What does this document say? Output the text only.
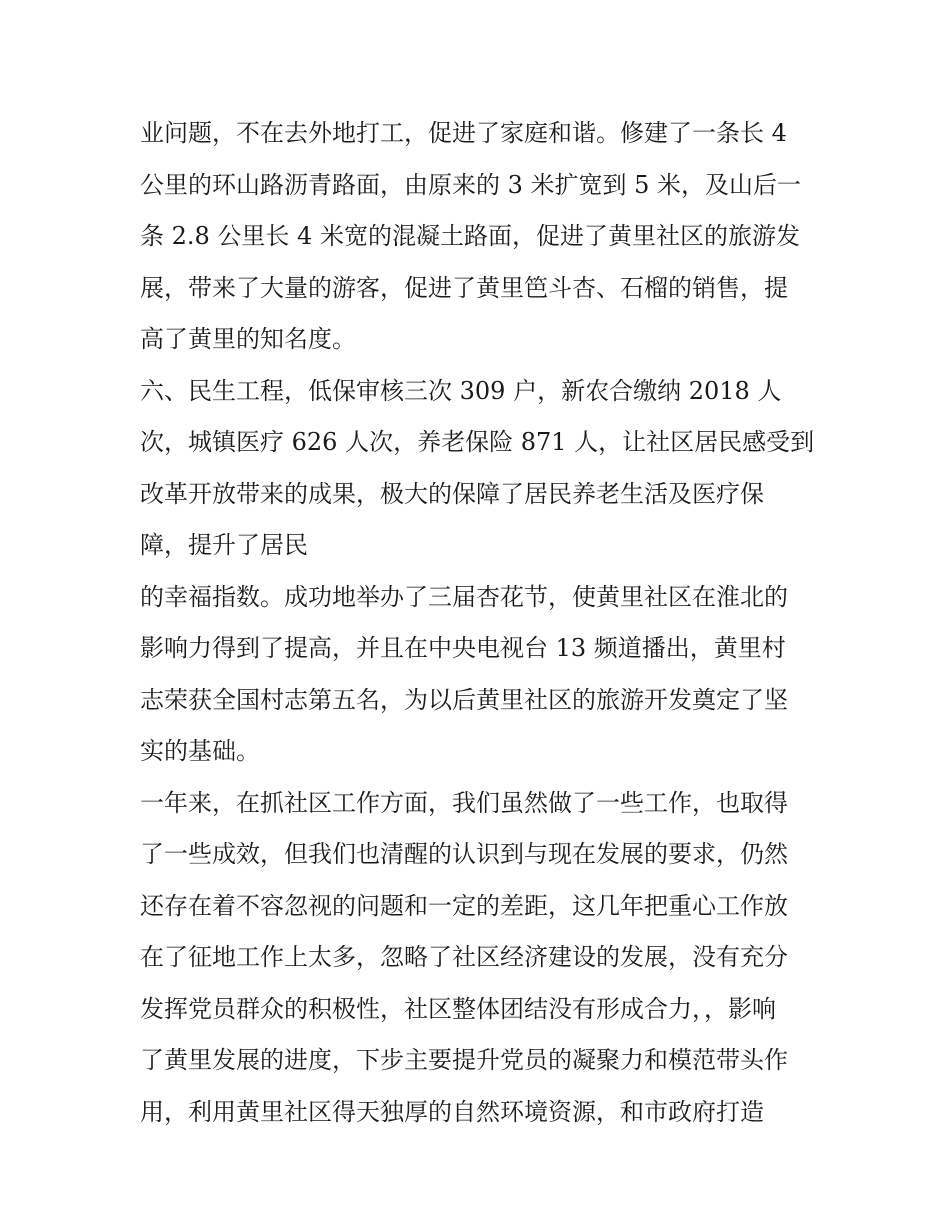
业问题，不在去外地打工，促进了家庭和谐。修建了一条长 4

公里的环山路沥青路面，由原来的 3 米扩宽到 5 米，及山后一

条 2.8 公里长 4 米宽的混凝土路面，促进了黄里社区的旅游发

展，带来了大量的游客，促进了黄里笆斗杏、石榴的销售，提

高了黄里的知名度。

六、民生工程，低保审核三次 309 户，新农合缴纳 2018 人

次，城镇医疗 626 人次，养老保险 871 人，让社区居民感受到

改革开放带来的成果，极大的保障了居民养老生活及医疗保

障，提升了居民

的幸福指数。成功地举办了三届杏花节，使黄里社区在淮北的

影响力得到了提高，并且在中央电视台 13 频道播出，黄里村

志荣获全国村志第五名，为以后黄里社区的旅游开发奠定了坚

实的基础。

一年来，在抓社区工作方面，我们虽然做了一些工作，也取得

了一些成效，但我们也清醒的认识到与现在发展的要求，仍然

还存在着不容忽视的问题和一定的差距，这几年把重心工作放

在了征地工作上太多，忽略了社区经济建设的发展，没有充分

发挥党员群众的积极性，社区整体团结没有形成合力，，影响

了黄里发展的进度，下步主要提升党员的凝聚力和模范带头作

用，利用黄里社区得天独厚的自然环境资源，和市政府打造
